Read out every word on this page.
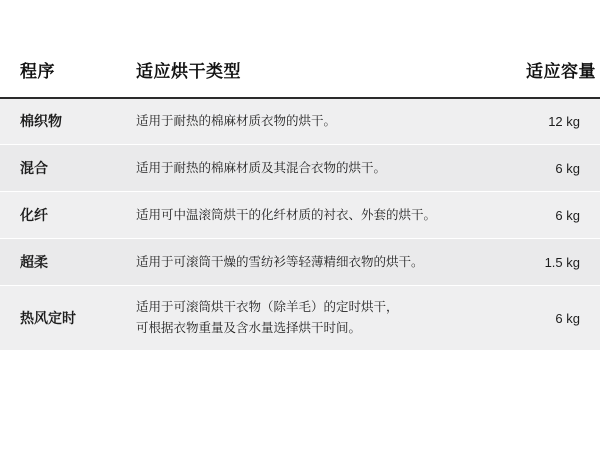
程序	适应烘干类型	适应容量
棉织物	适用于耐热的棉麻材质衣物的烘干。	12 kg
混合	适用于耐热的棉麻材质及其混合衣物的烘干。	6 kg
化纤	适用可中温滚筒烘干的化纤材质的衬衣、外套的烘干。	6 kg
超柔	适用于可滚筒干燥的雪纺衫等轻薄精细衣物的烘干。	1.5 kg
热风定时	适用于可滚筒烘干衣物（除羊毛）的定时烘干，
可根据衣物重量及含水量选择烘干时间。	6 kg
